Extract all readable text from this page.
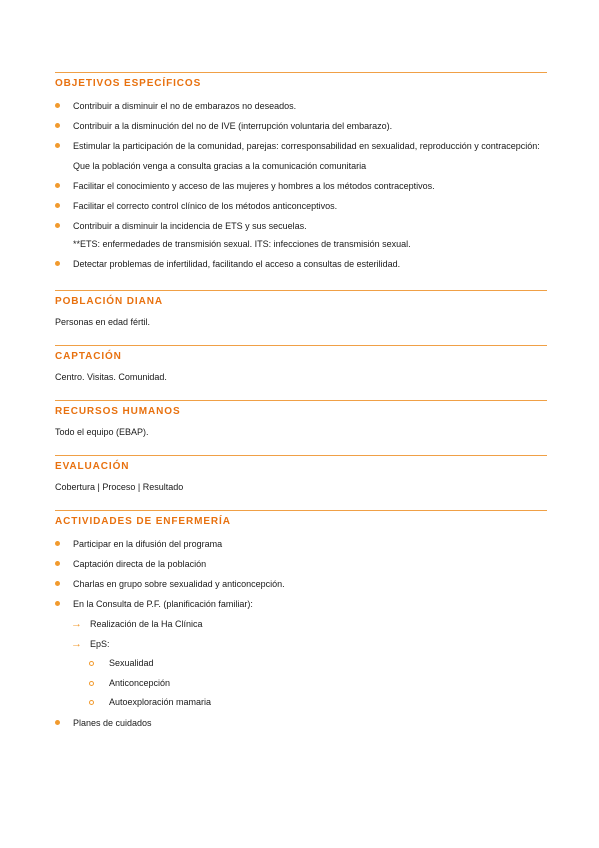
OBJETIVOS ESPECÍFICOS
Contribuir a disminuir el no de embarazos no deseados.
Contribuir a la disminución del no de IVE (interrupción voluntaria del embarazo).
Estimular la participación de la comunidad, parejas: corresponsabilidad en sexualidad, reproducción y contracepción: Que la población venga a consulta gracias a la comunicación comunitaria
Facilitar el conocimiento y acceso de las mujeres y hombres a los métodos contraceptivos.
Facilitar el correcto control clínico de los métodos anticonceptivos.
Contribuir a disminuir la incidencia de ETS y sus secuelas.
**ETS: enfermedades de transmisión sexual. ITS: infecciones de transmisión sexual.
Detectar problemas de infertilidad, facilitando el acceso a consultas de esterilidad.
POBLACIÓN DIANA
Personas en edad fértil.
CAPTACIÓN
Centro. Visitas. Comunidad.
RECURSOS HUMANOS
Todo el equipo (EBAP).
EVALUACIÓN
Cobertura | Proceso | Resultado
ACTIVIDADES DE ENFERMERÍA
Participar en la difusión del programa
Captación directa de la población
Charlas en grupo sobre sexualidad y anticoncepción.
En la Consulta de P.F. (planificación familiar):
→ Realización de la Ha Clínica
→ EpS:
Sexualidad
Anticoncepción
Autoexploración mamaria
Planes de cuidados
